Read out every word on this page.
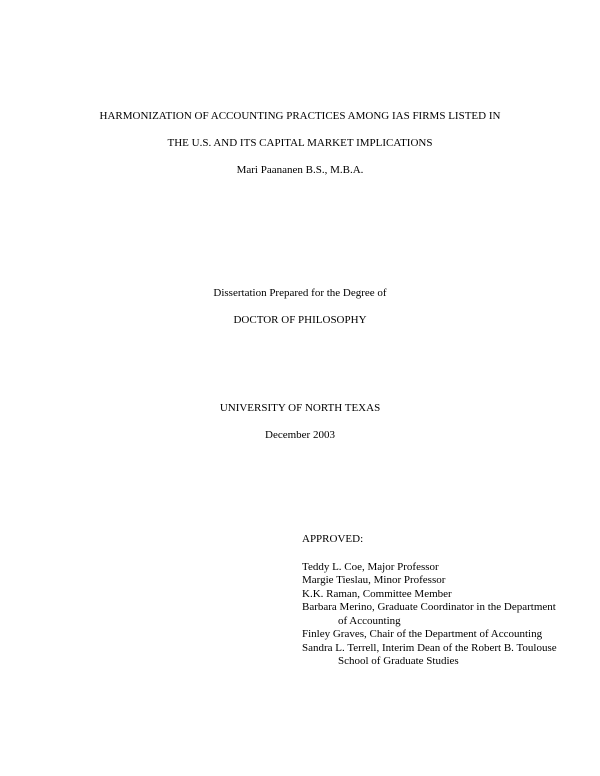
HARMONIZATION OF ACCOUNTING PRACTICES AMONG IAS FIRMS LISTED IN
THE U.S. AND ITS CAPITAL MARKET IMPLICATIONS
Mari Paananen B.S., M.B.A.
Dissertation Prepared for the Degree of
DOCTOR OF PHILOSOPHY
UNIVERSITY OF NORTH TEXAS
December 2003
APPROVED:
Teddy L. Coe, Major Professor
Margie Tieslau, Minor Professor
K.K. Raman, Committee Member
Barbara Merino, Graduate Coordinator in the Department of Accounting
Finley Graves, Chair of the Department of Accounting
Sandra L. Terrell, Interim Dean of the Robert B. Toulouse School of Graduate Studies
